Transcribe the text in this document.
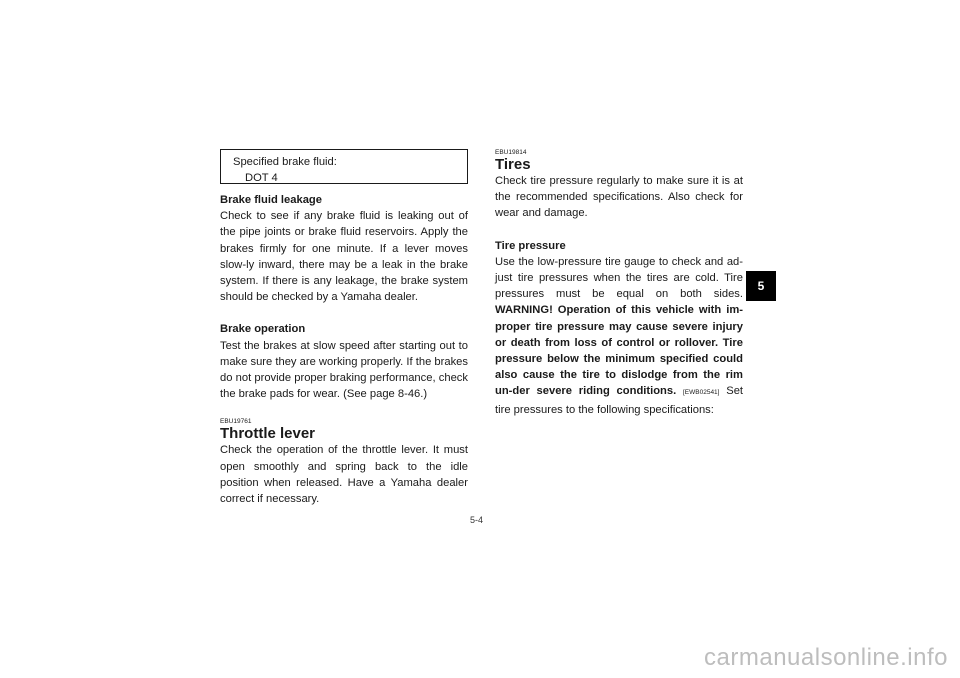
Specified brake fluid:
DOT 4
Brake fluid leakage

Check to see if any brake fluid is leaking out of the pipe joints or brake fluid reservoirs. Apply the brakes firmly for one minute. If a lever moves slow-ly inward, there may be a leak in the brake system. If there is any leakage, the brake system should be checked by a Yamaha dealer.

Brake operation

Test the brakes at slow speed after starting out to make sure they are working properly. If the brakes do not provide proper braking performance, check the brake pads for wear. (See page 8-46.)

EBU19761
Throttle lever

Check the operation of the throttle lever. It must open smoothly and spring back to the idle position when released. Have a Yamaha dealer correct if necessary.

EBU19814
Tires

Check tire pressure regularly to make sure it is at the recommended specifications. Also check for wear and damage.

Tire pressure

Use the low-pressure tire gauge to check and ad-just tire pressures when the tires are cold. Tire pressures must be equal on both sides. WARNING! Operation of this vehicle with im-proper tire pressure may cause severe injury or death from loss of control or rollover. Tire pressure below the minimum specified could also cause the tire to dislodge from the rim un-der severe riding conditions. [EWB02541] Set tire pressures to the following specifications:

5
5-4
carmanualsonline.info
